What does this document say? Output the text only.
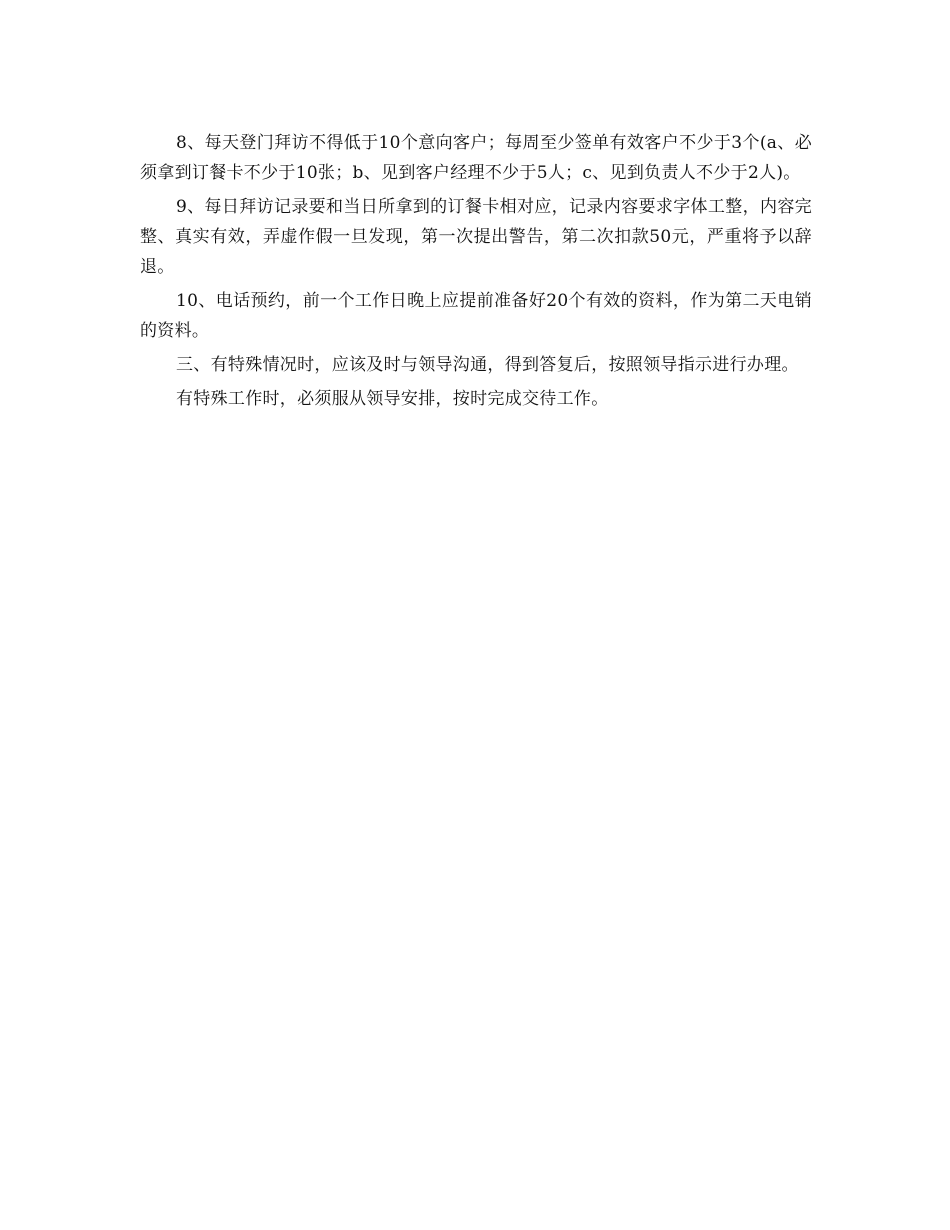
8、每天登门拜访不得低于10个意向客户；每周至少签单有效客户不少于3个(a、必须拿到订餐卡不少于10张；b、见到客户经理不少于5人；c、见到负责人不少于2人)。

9、每日拜访记录要和当日所拿到的订餐卡相对应，记录内容要求字体工整，内容完整、真实有效，弄虚作假一旦发现，第一次提出警告，第二次扣款50元，严重将予以辞退。

10、电话预约，前一个工作日晚上应提前准备好20个有效的资料，作为第二天电销的资料。

三、有特殊情况时，应该及时与领导沟通，得到答复后，按照领导指示进行办理。

有特殊工作时，必须服从领导安排，按时完成交待工作。
